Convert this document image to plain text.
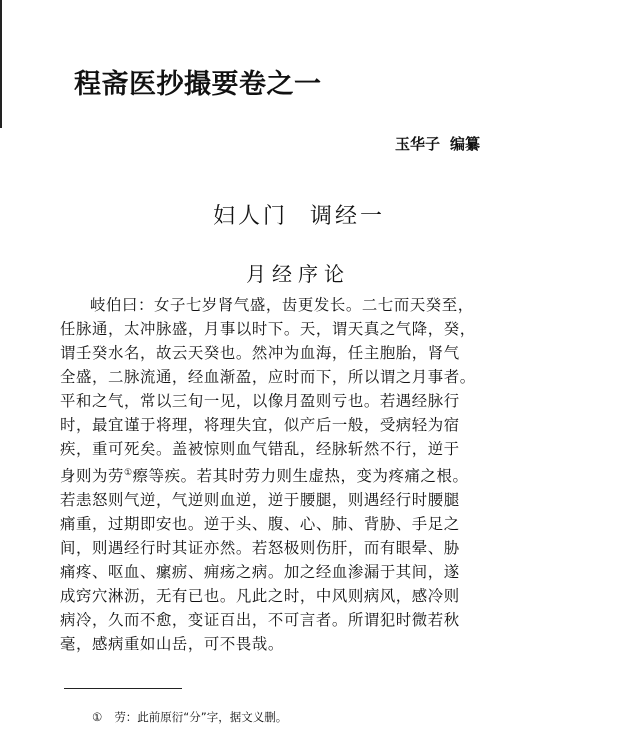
程斋医抄撮要卷之一
玉华子 编纂
妇人门 调经一
月经序论
岐伯曰：女子七岁肾气盛，齿更发长。二七而天癸至，
任脉通，太冲脉盛，月事以时下。天，谓天真之气降，癸，
谓壬癸水名，故云天癸也。然冲为血海，任主胞胎，肾气
全盛，二脉流通，经血渐盈，应时而下，所以谓之月事者。
平和之气，常以三旬一见，以像月盈则亏也。若遇经脉行
时，最宜谨于将理，将理失宜，似产后一般，受病轻为宿
疾，重可死矣。盖被惊则血气错乱，经脉斩然不行，逆于
身则为劳①瘵等疾。若其时劳力则生虚热，变为疼痛之根。
若恚怒则气逆，气逆则血逆，逆于腰腿，则遇经行时腰腿
痛重，过期即安也。逆于头、腹、心、肺、背胁、手足之
间，则遇经行时其证亦然。若怒极则伤肝，而有眼晕、胁
痛疼、呕血、瘰疬、痈疡之病。加之经血渗漏于其间，遂
成窍穴淋沥，无有已也。凡此之时，中风则病风，感冷则
病冷，久而不愈，变证百出，不可言者。所谓犯时微若秋
毫，感病重如山岳，可不畏哉。
① 劳：此前原衍“分”字，据文义删。
